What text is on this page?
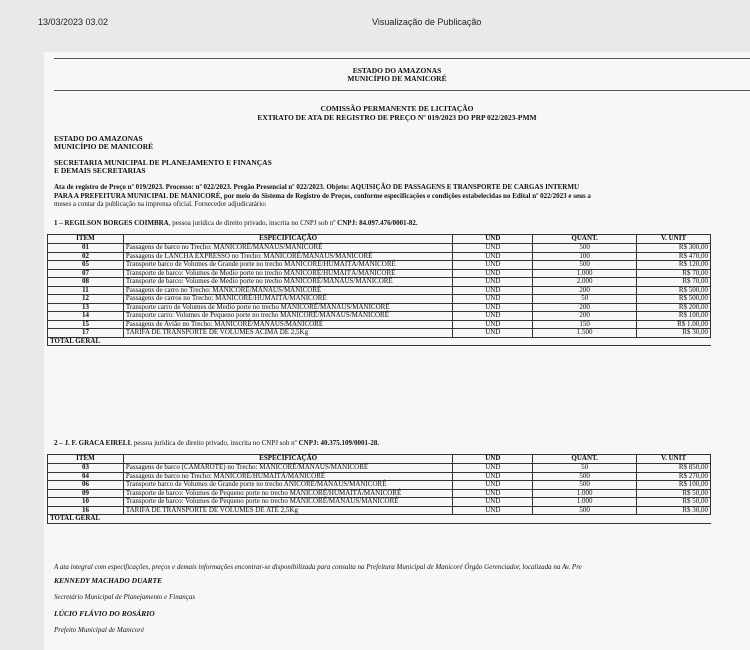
13/03/2023 03.02	Visualização de Publicação
ESTADO DO AMAZONAS
MUNICÍPIO DE MANICORÉ
COMISSÃO PERMANENTE DE LICITAÇÃO
EXTRATO DE ATA DE REGISTRO DE PREÇO Nº 019/2023 DO PRP 022/2023-PMM
ESTADO DO AMAZONAS
MUNICÍPIO DE MANICORÉ
SECRETARIA MUNICIPAL DE PLANEJAMENTO E FINANÇAS
E DEMAIS SECRETARIAS
Ata de registro de Preço nº 019/2023. Processo: nº 022/2023. Pregão Presencial nº 022/2023. Objeto: AQUISIÇÃO DE PASSAGENS E TRANSPORTE DE CARGAS INTERMU
PARA A PREFEITURA MUNICIPAL DE MANICORÉ, por meio do Sistema de Registro de Preços, conforme especificações e condições estabelecidas no Edital nº 022/2023 e seus a
meses a contar da publicação na imprensa oficial. Fornecedor adjudicatário:
1 – REGILSON BORGES COIMBRA, pessoa jurídica de direito privado, inscrita no CNPJ sob nº CNPJ: 84.097.476/0001-82.
ITEM	ESPECIFICAÇÃO	UND	QUANT.	V. UNIT
01	Passagens de barco no Trecho: MANICORÉ/MANAUS/MANICORÉ	UND	500	R$ 300,00
02	Passagens de LANCHA EXPRESSO no Trecho: MANICORÉ/MANAUS/MANICORÉ	UND	100	R$ 470,00
05	Transporte barco de Volumes de Grande porte no trecho MANICORÉ/HUMAITÁ/MANICORÉ	UND	500	R$ 120,00
07	Transporte de barco: Volumes de Medio porte no trecho MANICORÉ/HUMAITÁ/MANICORÉ	UND	1.000	R$ 70,00
08	Transporte de barco: Volumes de Medio porte no trecho MANICORÉ/MANAUS/MANICORÉ	UND	2.000	R$ 70,00
11	Passagens de carro no Trecho: MANICORÉ/MANAUS/MANICORÉ	UND	200	R$ 500,00
12	Passagens de carros no Trecho: MANICORÉ/HUMAITÁ/MANICORÉ	UND	50	R$ 500,00
13	Transporte carro de Volumes de Medio porte no trecho MANICORÉ/MANAUS/MANICORÉ	UND	200	R$ 200,00
14	Transporte carro: Volumes de Pequeno porte no trecho MANICORÉ/MANAUS/MANICORÉ	UND	200	R$ 100,00
15	Passagens de Avião no Trecho: MANICORÉ/MANAUS/MANICORÉ	UND	150	R$ 1.00,00
17	TARIFA DE TRANSPORTE DE VOLUMES ACIMA DE 2,5Kg	UND	1.500	R$ 30,00
TOTAL GERAL				
2 – J. F. GRACA EIRELI, pessoa jurídica de direito privado, inscrita no CNPJ sob nº CNPJ: 40.375.109/0001-28.
ITEM	ESPECIFICAÇÃO	UND	QUANT.	V. UNIT
03	Passagens de barco (CAMAROTE) no Trecho: MANICORÉ/MANAUS/MANICORÉ	UND	50	R$ 850,00
04	Passagens de barco no Trecho: MANICORÉ/HUMAITÁ/MANICORÉ	UND	500	R$ 270,00
06	Transporte barco de Volumes de Grande porte no trecho ANICORÉ/MANAUS/MANICORÉ	UND	500	R$ 100,00
09	Transporte de barco: Volumes de Pequeno porte no trecho MANICORÉ/HUMAITÁ/MANICORÉ	UND	1.000	R$ 50,00
10	Transporte de barco: Volumes de Pequeno porte no trecho MANICORÉ/MANAUS/MANICORÉ	UND	1.000	R$ 50,00
16	TARIFA DE TRANSPORTE DE VOLUMES DE ATÉ 2,5Kg	UND	500	R$ 30,00
TOTAL GERAL				
A ata integral com especificações, preços e demais informações encontrar-se disponibilizada para consulta na Prefeitura Municipal de Manicoré Órgão Gerenciador, localizada na Av. Pre
KENNEDY MACHADO DUARTE
Secretário Municipal de Planejamento e Finanças
LÚCIO FLÁVIO DO ROSÁRIO
Prefeito Municipal de Manicoré
